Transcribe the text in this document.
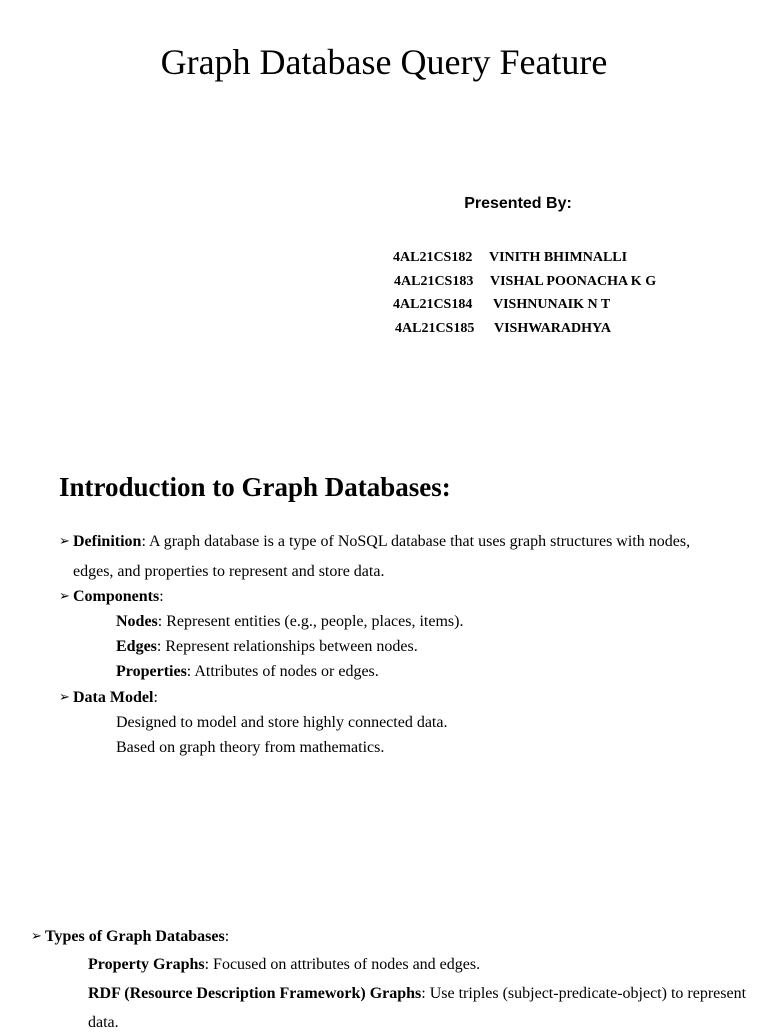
Graph Database Query Feature
Presented By:
4AL21CS182 VINITH BHIMNALLI
4AL21CS183 VISHAL POONACHA K G
4AL21CS184 VISHNUNAIK N T
4AL21CS185 VISHWARADHYA
Introduction to Graph Databases:
➢ Definition: A graph database is a type of NoSQL database that uses graph structures with nodes,
edges, and properties to represent and store data.
➢ Components:
Nodes: Represent entities (e.g., people, places, items).
Edges: Represent relationships between nodes.
Properties: Attributes of nodes or edges.
➢ Data Model:
Designed to model and store highly connected data.
Based on graph theory from mathematics.
➢ Types of Graph Databases:
Property Graphs: Focused on attributes of nodes and edges.
RDF (Resource Description Framework) Graphs: Use triples (subject-predicate-object) to represent
data.
